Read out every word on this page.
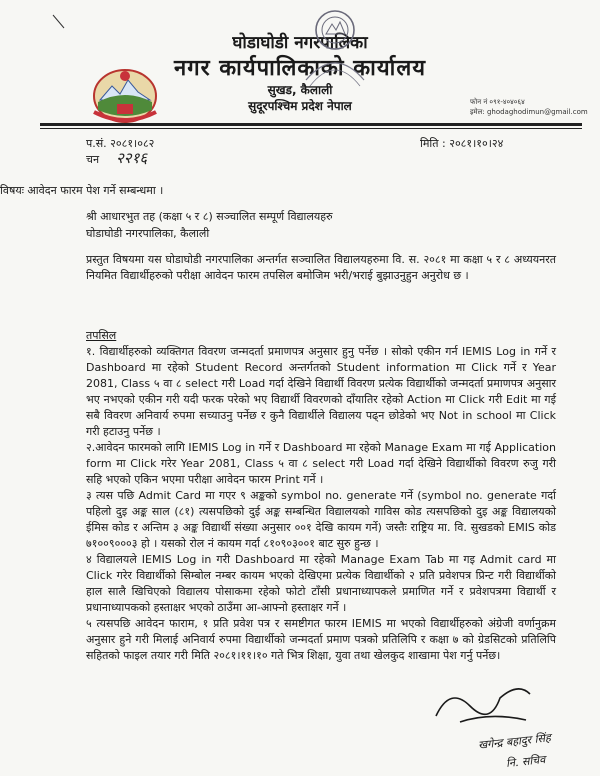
घोडाघोडी नगरपालिका
नगर कार्यपालिकाको कार्यालय
सुखड, कैलाली
सुदूरपश्चिम प्रदेश नेपाल	फोन नं ०९१-४०४०६४
इमेल: ghodaghodimun@gmail.com
प.सं. २०८१।०८२
चन २२१६
मिति : २०८१।१०।२४
विषयः आवेदन फारम पेश गर्ने सम्बन्धमा ।
श्री आधारभुत तह (कक्षा ५ र ८) सञ्चालित सम्पूर्ण विद्यालयहरु
घोडाघोडी नगरपालिका, कैलाली
प्रस्तुत विषयमा यस घोडाघोडी नगरपालिका अन्तर्गत सञ्चालित विद्यालयहरुमा वि. स. २०८१ मा कक्षा ५ र ८ अध्ययनरत नियमित विद्यार्थीहरुको परीक्षा आवेदन फारम तपसिल बमोजिम भरी/भराई बुझाउनुहुन अनुरोध छ ।
तपसिल

१. विद्यार्थीहरुको व्यक्तिगत विवरण जन्मदर्ता प्रमाणपत्र अनुसार हुनु पर्नेछ । सोको एकीन गर्न IEMIS Log in गर्ने र Dashboard मा रहेको Student Record अन्तर्गतको Student information मा Click गर्ने र Year 2081, Class ५ वा ८ select गरी Load गर्दा देखिने विद्यार्थी विवरण प्रत्येक विद्यार्थीको जन्मदर्ता प्रमाणपत्र अनुसार भए नभएको एकीन गरी यदी फरक परेको भए विद्यार्थी विवरणको दाँयातिर रहेको Action मा Click गरी Edit मा गई सबै विवरण अनिवार्य रुपमा सच्याउनु पर्नेछ र कुनै विद्यार्थीले विद्यालय पढ्न छोडेको भए Not in school मा Click गरी हटाउनु पर्नेछ ।

२.आवेदन फारमको लागि IEMIS Log in गर्ने र Dashboard मा रहेको Manage Exam मा गई Application form मा Click गरेर Year 2081, Class ५ वा ८ select गरी Load गर्दा देखिने विद्यार्थीको विवरण रुजु गरी सहि भएको एकिन भएमा परीक्षा आवेदन फारम Print गर्ने ।

३ त्यस पछि Admit Card मा गएर ९ अङ्कको symbol no. generate गर्ने (symbol no. generate गर्दा पहिलो दुइ अङ्क साल (८१) त्यसपछिको दुई अङ्क सम्बन्धित विद्यालयको गाविस कोड त्यसपछिको दुइ अङ्क विद्यालयको ईमिस कोड र अन्तिम ३ अङ्क विद्यार्थी संख्या अनुसार ००१ देखि कायम गर्ने) जस्तैः राष्ट्रिय मा. वि. सुखडको EMIS कोड ७१००९०००३ हो । यसको रोल नं कायम गर्दा ८१०९०३००१ बाट सुरु हुन्छ ।

४ विद्यालयले IEMIS Log in गरी Dashboard मा रहेको Manage Exam Tab मा गइ Admit card मा Click गरेर विद्यार्थीको सिम्बोल नम्बर कायम भएको देखिएमा प्रत्येक विद्यार्थीको २ प्रति प्रवेशपत्र प्रिन्ट गरी विद्यार्थीको हाल सालै खिचिएको विद्यालय पोसाकमा रहेको फोटो टाँसी प्रधानाध्यापकले प्रमाणित गर्ने र प्रवेशपत्रमा विद्यार्थी र प्रधानाध्यापकको हस्ताक्षर भएको ठाउँमा आ-आफ्नो हस्ताक्षर गर्ने ।

५ त्यसपछि आवेदन फाराम, १ प्रति प्रवेश पत्र र समष्टीगत फारम IEMIS मा भएको विद्यार्थीहरुको अंग्रेजी वर्णानुक्रम अनुसार हुने गरी मिलाई अनिवार्य रुपमा विद्यार्थीको जन्मदर्ता प्रमाण पत्रको प्रतिलिपि र कक्षा ७ को ग्रेडसिटको प्रतिलिपि सहितको फाइल तयार गरी मिति २०८१।११।१० गते भित्र शिक्षा, युवा तथा खेलकुद शाखामा पेश गर्नु पर्नेछ।

खगेन्द्र बहादुर सिंह
नि. सचिव
